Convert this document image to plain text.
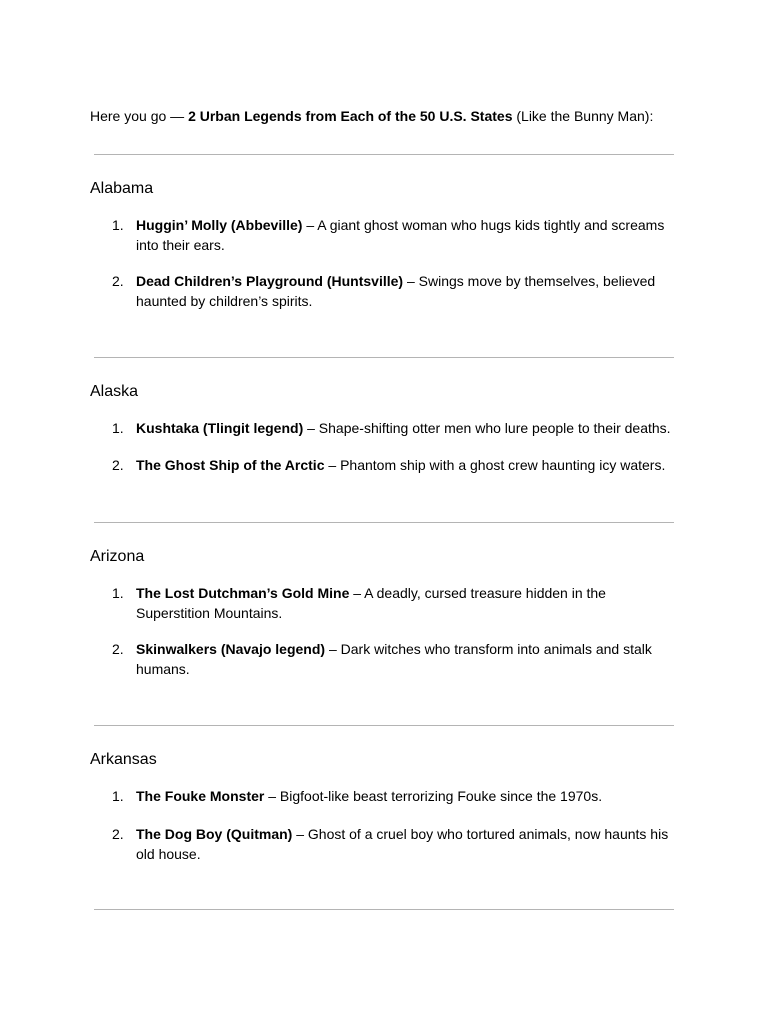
Here you go — 2 Urban Legends from Each of the 50 U.S. States (Like the Bunny Man):
Alabama
1. Huggin’ Molly (Abbeville) – A giant ghost woman who hugs kids tightly and screams into their ears.
2. Dead Children’s Playground (Huntsville) – Swings move by themselves, believed haunted by children’s spirits.
Alaska
1. Kushtaka (Tlingit legend) – Shape-shifting otter men who lure people to their deaths.
2. The Ghost Ship of the Arctic – Phantom ship with a ghost crew haunting icy waters.
Arizona
1. The Lost Dutchman’s Gold Mine – A deadly, cursed treasure hidden in the Superstition Mountains.
2. Skinwalkers (Navajo legend) – Dark witches who transform into animals and stalk humans.
Arkansas
1. The Fouke Monster – Bigfoot-like beast terrorizing Fouke since the 1970s.
2. The Dog Boy (Quitman) – Ghost of a cruel boy who tortured animals, now haunts his old house.
